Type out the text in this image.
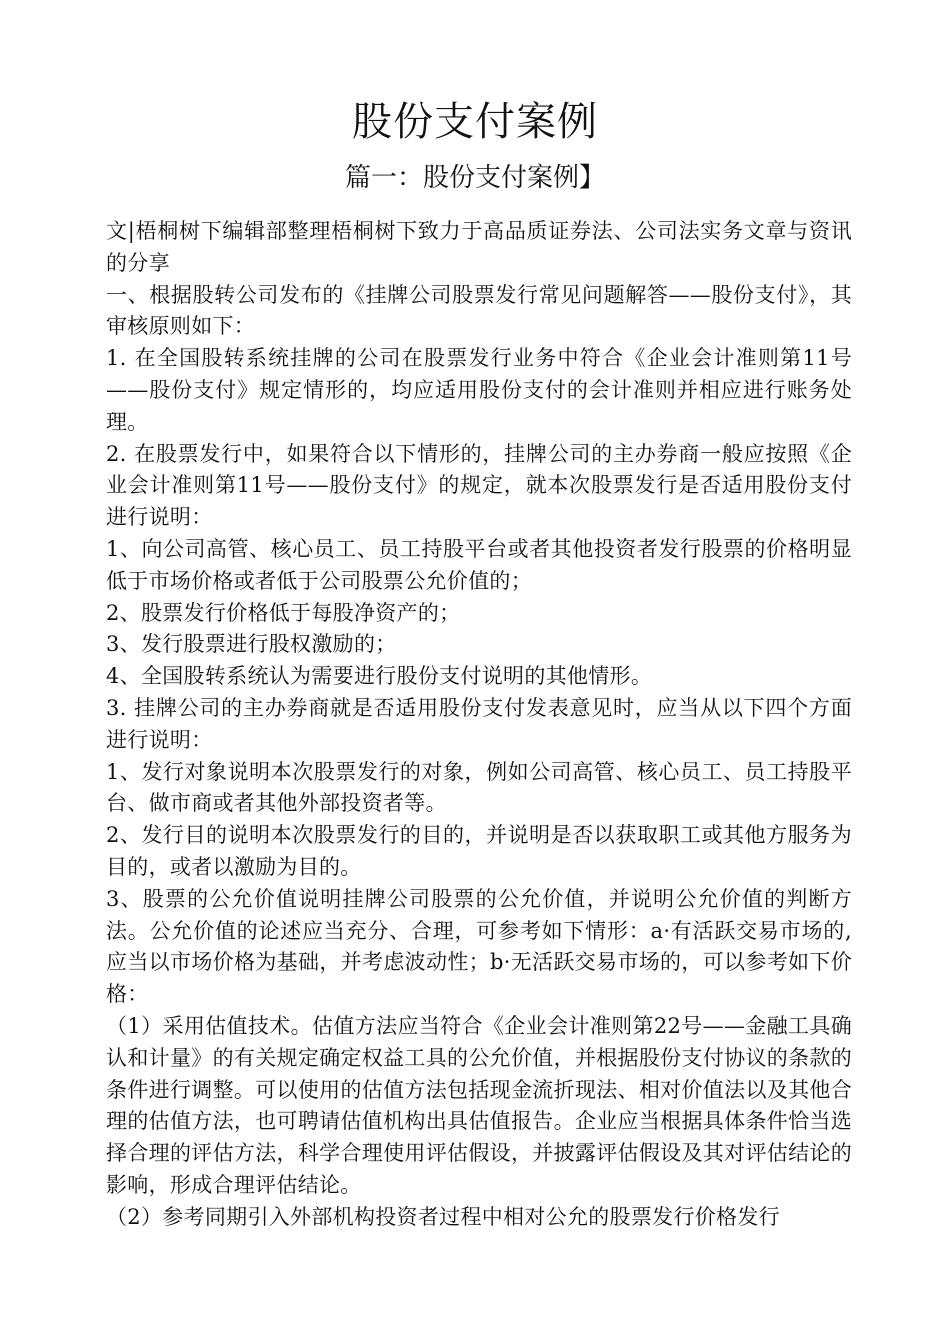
股份支付案例
篇一：股份支付案例】

文|梧桐树下编辑部整理梧桐树下致力于高品质证券法、公司法实务文章与资讯的分享

一、根据股转公司发布的《挂牌公司股票发行常见问题解答——股份支付》，其审核原则如下：

1. 在全国股转系统挂牌的公司在股票发行业务中符合《企业会计准则第11号——股份支付》规定情形的，均应适用股份支付的会计准则并相应进行账务处理。

2. 在股票发行中，如果符合以下情形的，挂牌公司的主办券商一般应按照《企业会计准则第11号——股份支付》的规定，就本次股票发行是否适用股份支付进行说明：

1、向公司高管、核心员工、员工持股平台或者其他投资者发行股票的价格明显低于市场价格或者低于公司股票公允价值的；

2、股票发行价格低于每股净资产的；

3、发行股票进行股权激励的；

4、全国股转系统认为需要进行股份支付说明的其他情形。

3. 挂牌公司的主办券商就是否适用股份支付发表意见时，应当从以下四个方面进行说明：

1、发行对象说明本次股票发行的对象，例如公司高管、核心员工、员工持股平台、做市商或者其他外部投资者等。

2、发行目的说明本次股票发行的目的，并说明是否以获取职工或其他方服务为目的，或者以激励为目的。

3、股票的公允价值说明挂牌公司股票的公允价值，并说明公允价值的判断方法。公允价值的论述应当充分、合理，可参考如下情形：a·有活跃交易市场的,应当以市场价格为基础，并考虑波动性；b·无活跃交易市场的，可以参考如下价格：

（1）采用估值技术。估值方法应当符合《企业会计准则第22号——金融工具确认和计量》的有关规定确定权益工具的公允价值，并根据股份支付协议的条款的条件进行调整。可以使用的估值方法包括现金流折现法、相对价值法以及其他合理的估值方法，也可聘请估值机构出具估值报告。企业应当根据具体条件恰当选择合理的评估方法，科学合理使用评估假设，并披露评估假设及其对评估结论的影响，形成合理评估结论。

（2）参考同期引入外部机构投资者过程中相对公允的股票发行价格发行
